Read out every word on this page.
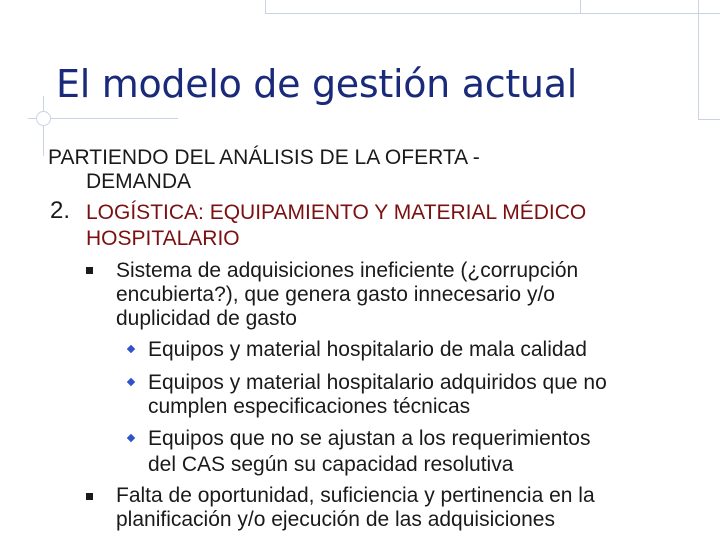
El modelo de gestión actual
PARTIENDO DEL ANÁLISIS DE LA OFERTA -
DEMANDA
2. LOGÍSTICA: EQUIPAMIENTO Y MATERIAL MÉDICO
HOSPITALARIO
Sistema de adquisiciones ineficiente (¿corrupción
encubierta?), que genera gasto innecesario y/o
duplicidad de gasto
Equipos y material hospitalario de mala calidad
Equipos y material hospitalario adquiridos que no
cumplen especificaciones técnicas
Equipos que no se ajustan a los requerimientos
del CAS según su capacidad resolutiva
Falta de oportunidad, suficiencia y pertinencia en la
planificación y/o ejecución de las adquisiciones
